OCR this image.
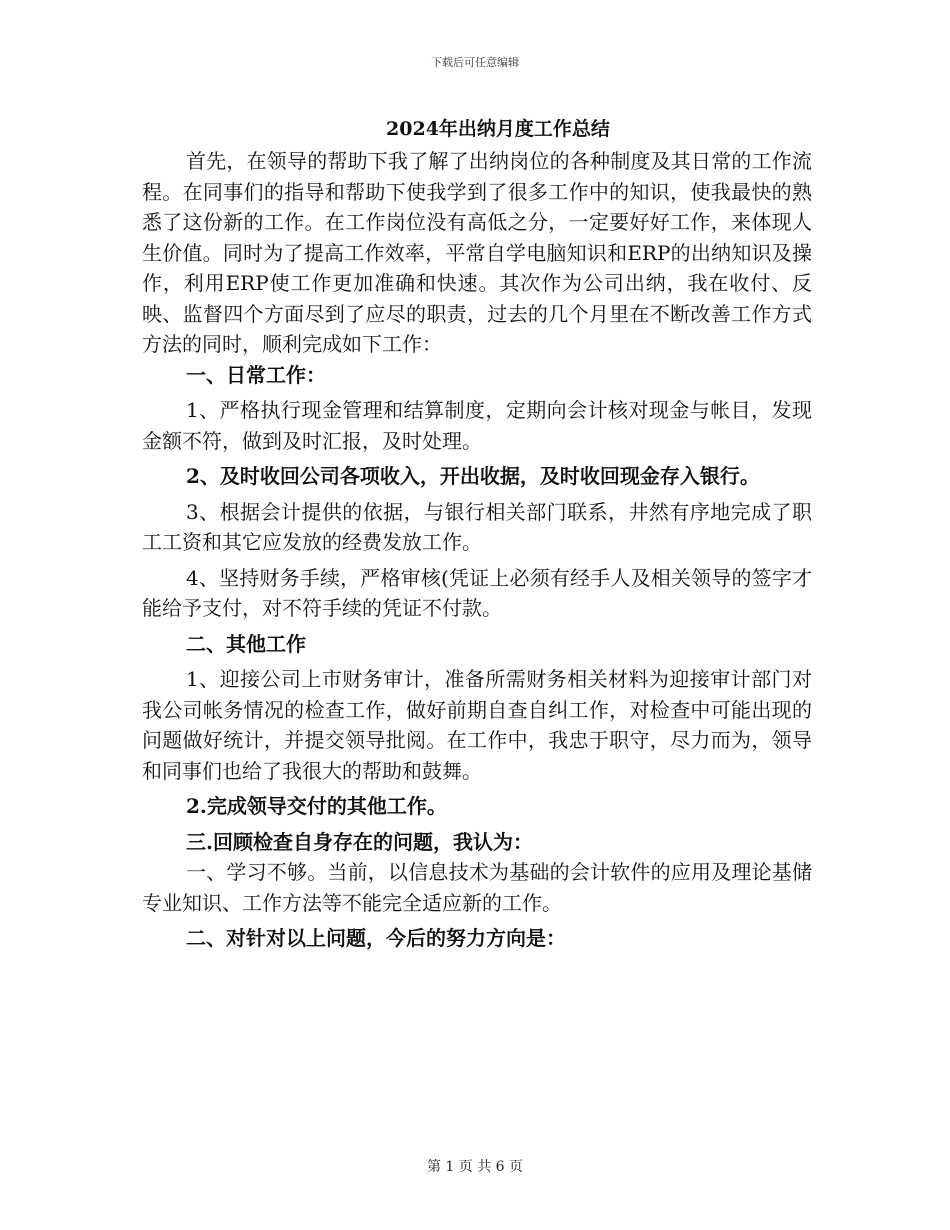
下载后可任意编辑
2024年出纳月度工作总结

首先，在领导的帮助下我了解了出纳岗位的各种制度及其日常的工作流程。在同事们的指导和帮助下使我学到了很多工作中的知识，使我最快的熟悉了这份新的工作。在工作岗位没有高低之分，一定要好好工作，来体现人生价值。同时为了提高工作效率，平常自学电脑知识和ERP的出纳知识及操作，利用ERP使工作更加准确和快速。其次作为公司出纳，我在收付、反映、监督四个方面尽到了应尽的职责，过去的几个月里在不断改善工作方式方法的同时，顺利完成如下工作：

一、日常工作：

1、严格执行现金管理和结算制度，定期向会计核对现金与帐目，发现金额不符，做到及时汇报，及时处理。

2、及时收回公司各项收入，开出收据，及时收回现金存入银行。

3、根据会计提供的依据，与银行相关部门联系，井然有序地完成了职工工资和其它应发放的经费发放工作。

4、坚持财务手续，严格审核(凭证上必须有经手人及相关领导的签字才能给予支付，对不符手续的凭证不付款。

二、其他工作

1、迎接公司上市财务审计，准备所需财务相关材料为迎接审计部门对我公司帐务情况的检查工作，做好前期自查自纠工作，对检查中可能出现的问题做好统计，并提交领导批阅。在工作中，我忠于职守，尽力而为，领导和同事们也给了我很大的帮助和鼓舞。

2.完成领导交付的其他工作。

三.回顾检查自身存在的问题，我认为：

一、学习不够。当前，以信息技术为基础的会计软件的应用及理论基储专业知识、工作方法等不能完全适应新的工作。

二、对针对以上问题，今后的努力方向是：

第 1 页 共 6 页
